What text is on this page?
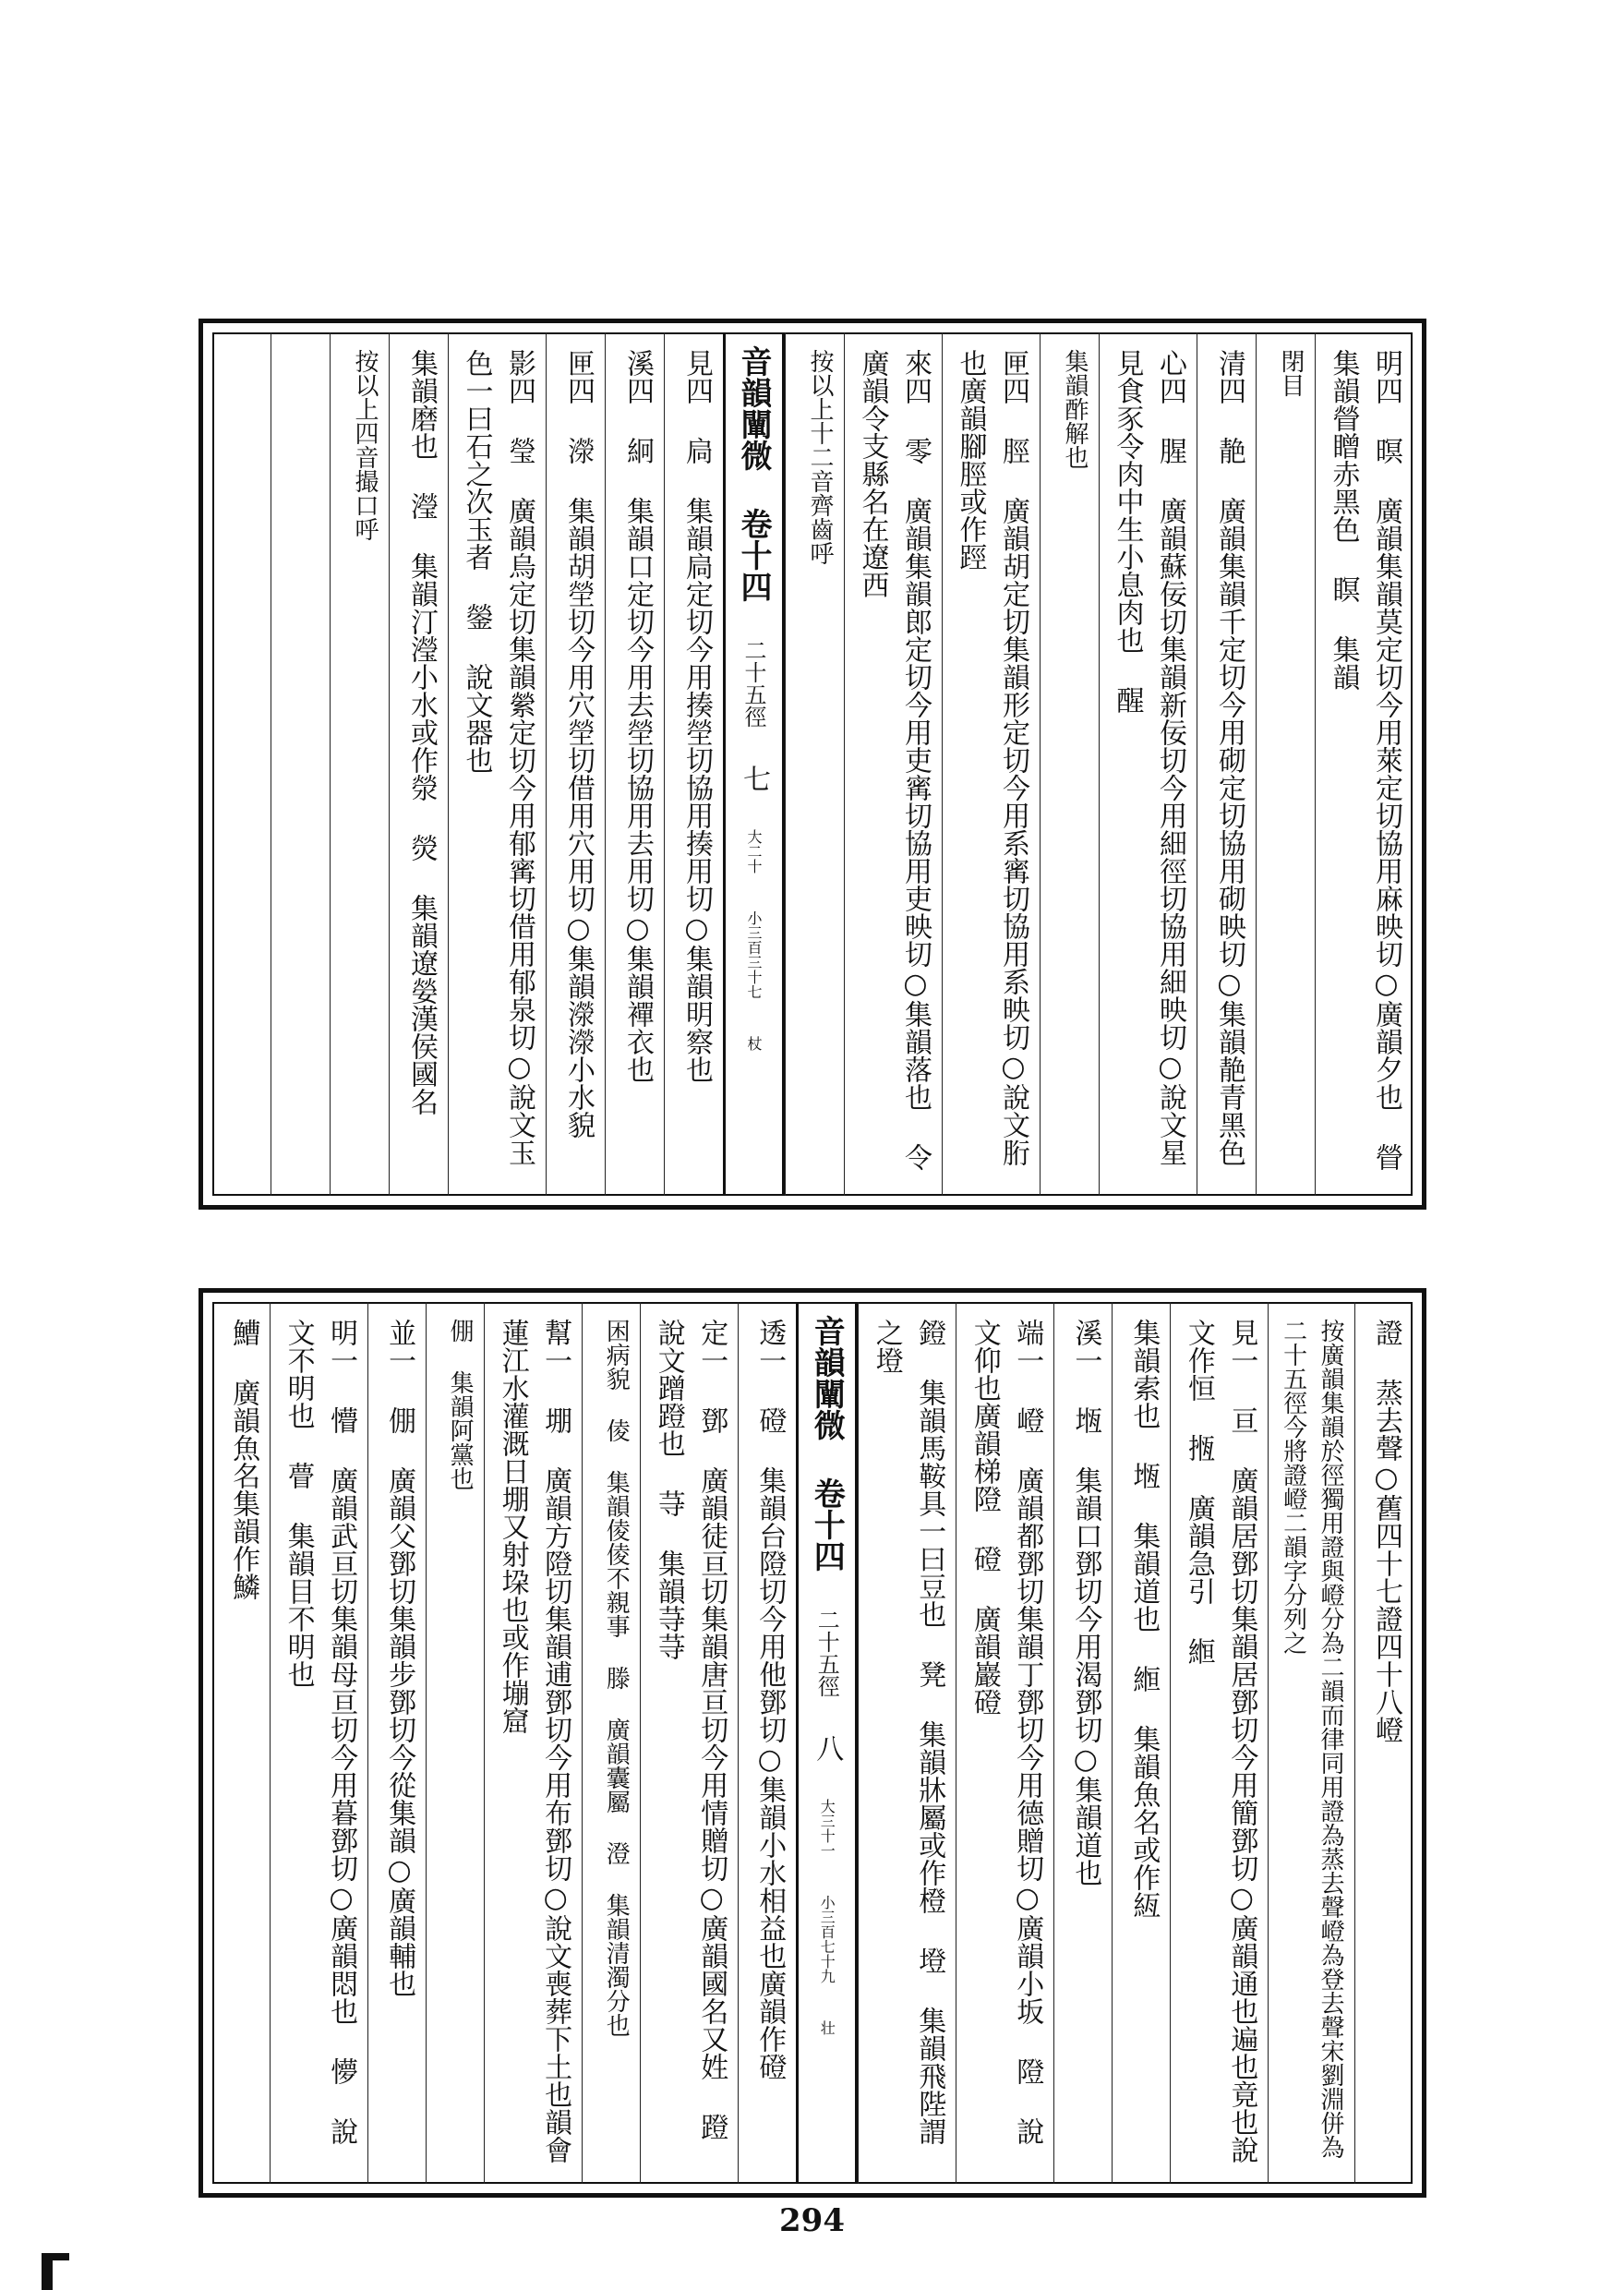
明四 暝 廣韻集韻莫定切今用萊定切協用麻映切○廣韻夕也 䁝 集韻䁝䁬赤黑色 瞑 集韻
閉目
清四 靘 廣韻集韻千定切今用砌定切協用砌映切○集韻靘青黑色
心四 腥 廣韻蘇佞切集韻新佞切今用細徑切協用細映切○說文星見食豕令肉中生小息肉也 醒
集韻酢解也
匣四 脛 廣韻胡定切集韻形定切今用系寗切協用系映切○說文胻也廣韻腳脛或作踁
來四 零 廣韻集韻郎定切今用吏寗切協用吏映切○集韻落也 令 廣韻令支縣名在遼西
按以上十二音齊齒呼
音韻闡微 卷十四 二十五徑 七 大二十 小三百三十七 杖
見四 扃 集韻扃定切今用揍塋切協用揍用切○集韻明察也
溪四 絅 集韻口定切今用去塋切協用去用切○集韻襌衣也
匣四 濴 集韻胡塋切今用穴塋切借用穴用切○集韻濴濴小水貌
影四 瑩 廣韻烏定切集韻縈定切今用郁寗切借用郁泉切○說文玉色一曰石之次玉者 鎣 說文器也
集韻磨也 瀅 集韻汀瀅小水或作滎 熒 集韻遼嫈漢侯國名
按以上四音撮口呼
證 蒸去聲○舊四十七證四十八嶝
按廣韻集韻於徑獨用證與嶝分為二韻而律同用證為蒸去聲嶝為登去聲宋劉淵併為二十五徑今將證嶝二韻字分列之
見一 亘 廣韻居鄧切集韻居鄧切今用簡鄧切○廣韻通也遍也竟也說文作恒 揯 廣韻急引 縆
集韻索也 堩 集韻道也 縆 集韻魚名或作絚
溪一 堩 集韻口鄧切今用渴鄧切○集韻道也
端一 嶝 廣韻都鄧切集韻丁鄧切今用德贈切○廣韻小坂 隥 說文仰也廣韻梯隥 磴 廣韻巖磴
鐙 集韻馬鞍具一曰豆也 凳 集韻牀屬或作橙 墱 集韻飛陛謂之墱
音韻闡微 卷十四 二十五徑 八 大三十一 小三百七十九 壮
透一 磴 集韻台隥切今用他鄧切○集韻小水相益也廣韻作磴
定一 鄧 廣韻徒亘切集韻唐亘切今用情贈切○廣韻國名又姓 蹬 說文蹭蹬也 䒭 集韻䒭䒭
困病貌 倰 集韻倰倰不親事 滕 廣韻囊屬 澄 集韻清濁分也
幫一 堋 廣韻方隥切集韻逋鄧切今用布鄧切○說文喪葬下土也韻會蓮江水灌溉日堋又射垜也或作塴窟
倗 集韻阿黨也
並一 倗 廣韻父鄧切集韻步鄧切今從集韻○廣韻輔也
明一 懵 廣韻武亘切集韻母亘切今用暮鄧切○廣韻悶也 懜 說文不明也 瞢 集韻目不明也
鰽 廣韻魚名集韻作鱗
294
